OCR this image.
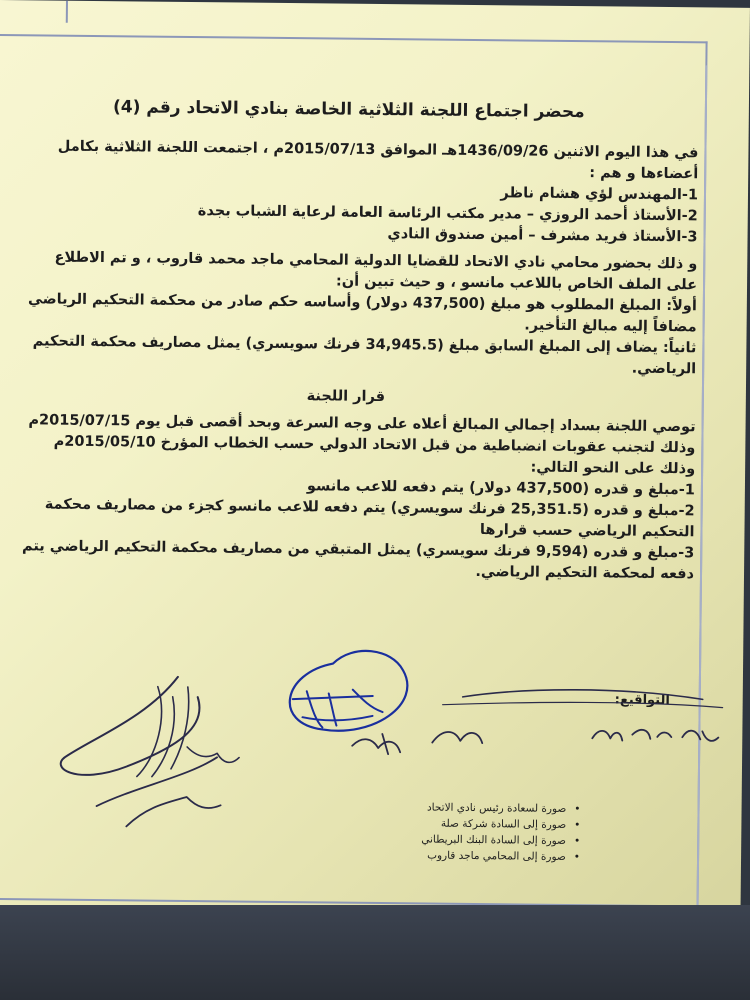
محضر اجتماع اللجنة الثلاثية الخاصة بنادي الاتحاد رقم (4)

في هذا اليوم الاثنين 1436/09/26هـ الموافق 2015/07/13م ، اجتمعت اللجنة الثلاثية بكامل

أعضاءها و هم :

1-المهندس لؤي هشام ناظر

2-الأستاذ أحمد الروزي – مدير مكتب الرئاسة العامة لرعاية الشباب بجدة

3-الأستاذ فريد مشرف – أمين صندوق النادي

و ذلك بحضور محامي نادي الاتحاد للقضايا الدولية المحامي ماجد محمد قاروب ، و تم الاطلاع

على الملف الخاص باللاعب مانسو ، و حيث تبين أن:

أولاً: المبلغ المطلوب هو مبلغ (437,500 دولار) وأساسه حكم صادر من محكمة التحكيم الرياضي

مضافاً إليه مبالغ التأخير.

ثانياً: يضاف إلى المبلغ السابق مبلغ (34,945.5 فرنك سويسري) يمثل مصاريف محكمة التحكيم

الرياضي.

قرار اللجنة

توصي اللجنة بسداد إجمالي المبالغ أعلاه على وجه السرعة وبحد أقصى قبل يوم 2015/07/15م

وذلك لتجنب عقوبات انضباطية من قبل الاتحاد الدولي حسب الخطاب المؤرخ 2015/05/10م

وذلك على النحو التالي:

1-مبلغ و قدره (437,500 دولار) يتم دفعه للاعب مانسو

2-مبلغ و قدره (25,351.5 فرنك سويسري) يتم دفعه للاعب مانسو كجزء من مصاريف محكمة

التحكيم الرياضي حسب قرارها

3-مبلغ و قدره (9,594 فرنك سويسري) يمثل المتبقي من مصاريف محكمة التحكيم الرياضي يتم

دفعه لمحكمة التحكيم الرياضي.

التواقيع:
• صورة لسعادة رئيس نادي الاتحاد
• صورة إلى السادة شركة صلة
• صورة إلى السادة البنك البريطاني
• صورة إلى المحامي ماجد قاروب
